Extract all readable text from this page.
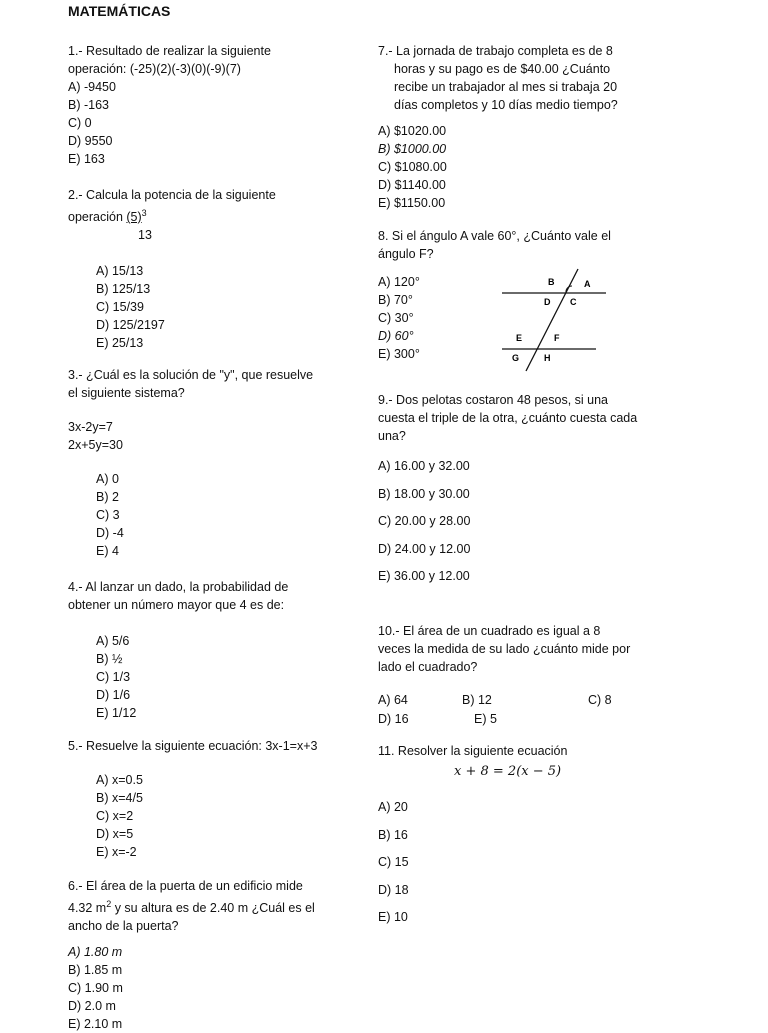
MATEMÁTICAS
1.- Resultado de realizar la siguiente
operación: (-25)(2)(-3)(0)(-9)(7)
A) -9450
B) -163
C) 0
D) 9550
E) 163
2.- Calcula la potencia de la siguiente
operación $(5)^3$
13
A) 15/13
B) 125/13
C) 15/39
D) 125/2197
E) 25/13
3.- ¿Cuál es la solución de "y", que resuelve
el siguiente sistema?
3x-2y=7
2x+5y=30
A) 0
B) 2
C) 3
D) -4
E) 4
4.- Al lanzar un dado, la probabilidad de
obtener un número mayor que 4 es de:
A) 5/6
B) ½
C) 1/3
D) 1/6
E) 1/12
5.- Resuelve la siguiente ecuación: 3x-1=x+3
A) x=0.5
B) x=4/5
C) x=2
D) x=5
E) x=-2
6.- El área de la puerta de un edificio mide
4.32 $m^2$ y su altura es de 2.40 m ¿Cuál es el
ancho de la puerta?
A) 1.80 m
B) 1.85 m
C) 1.90 m
D) 2.0 m
E) 2.10 m
7.- La jornada de trabajo completa es de 8
horas y su pago es de $40.00 ¿Cuánto
recibe un trabajador al mes si trabaja 20
días completos y 10 días medio tiempo?
A) $1020.00
B) $1000.00
C) $1080.00
D) $1140.00
E) $1150.00
8. Si el ángulo A vale 60°, ¿Cuánto vale el
ángulo F?
A) 120°
B) 70°
C) 30°
D) 60°
E) 300°
B	A
D C
E	F
G	H
9.- Dos pelotas costaron 48 pesos, si una
cuesta el triple de la otra, ¿cuánto cuesta cada
una?
A) 16.00 y 32.00
B) 18.00 y 30.00
C) 20.00 y 28.00
D) 24.00 y 12.00
E) 36.00 y 12.00
10.- El área de un cuadrado es igual a 8
veces la medida de su lado ¿cuánto mide por
lado el cuadrado?
A) 64	B) 12	C) 8
D) 16	E) 5
11. Resolver la siguiente ecuación
x + 8 = 2(x − 5)
A) 20
B) 16
C) 15
D) 18
E) 10
